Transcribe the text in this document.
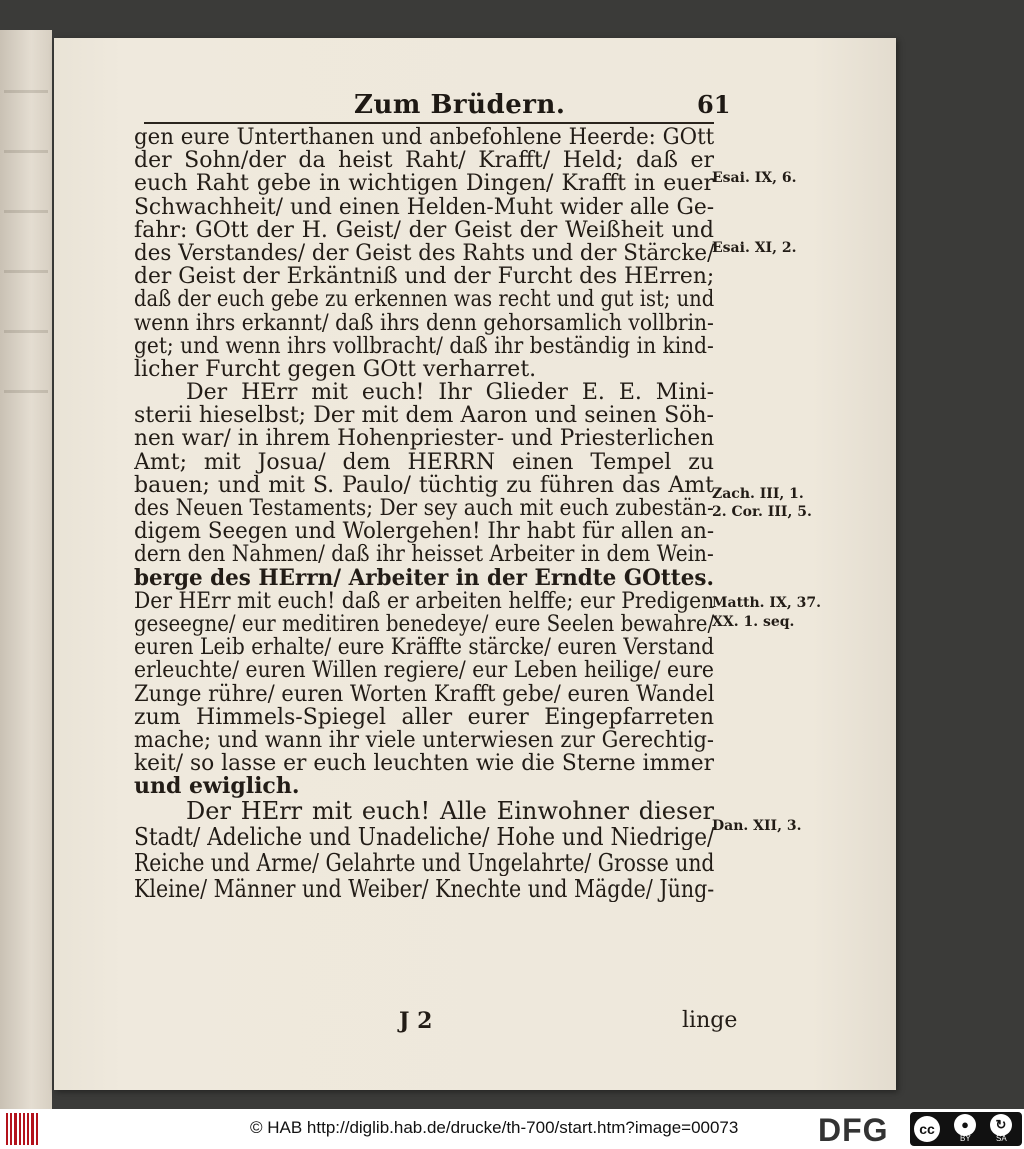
Zum Brüdern.	61
gen eure Unterthanen und anbefohlene Heerde: GOtt
der Sohn/der da heist Raht/ Krafft/ Held; daß er
euch Raht gebe in wichtigen Dingen/ Krafft in euer
Schwachheit/ und einen Helden-Muht wider alle Ge-
fahr: GOtt der H. Geist/ der Geist der Weißheit und
des Verstandes/ der Geist des Rahts und der Stärcke/
der Geist der Erkäntniß und der Furcht des HErren;
daß der euch gebe zu erkennen was recht und gut ist; und
wenn ihrs erkannt/ daß ihrs denn gehorsamlich vollbrin-
get; und wenn ihrs vollbracht/ daß ihr beständig in kind-
licher Furcht gegen GOtt verharret.
Der HErr mit euch! Ihr Glieder E. E. Mini-
sterii hieselbst; Der mit dem Aaron und seinen Söh-
nen war/ in ihrem Hohenpriester- und Priesterlichen
Amt; mit Josua/ dem HERRN einen Tempel zu
bauen; und mit S. Paulo/ tüchtig zu führen das Amt
des Neuen Testaments; Der sey auch mit euch zubestän-
digem Seegen und Wolergehen! Ihr habt für allen an-
dern den Nahmen/ daß ihr heisset Arbeiter in dem Wein-
berge des HErrn/ Arbeiter in der Erndte GOttes.
Der HErr mit euch! daß er arbeiten helffe; eur Predigen
geseegne/ eur meditiren benedeye/ eure Seelen bewahre/
euren Leib erhalte/ eure Kräffte stärcke/ euren Verstand
erleuchte/ euren Willen regiere/ eur Leben heilige/ eure
Zunge rühre/ euren Worten Krafft gebe/ euren Wandel
zum Himmels-Spiegel aller eurer Eingepfarreten
mache; und wann ihr viele unterwiesen zur Gerechtig-
keit/ so lasse er euch leuchten wie die Sterne immer
und ewiglich.
Der HErr mit euch! Alle Einwohner dieser
Stadt/ Adeliche und Unadeliche/ Hohe und Niedrige/
Reiche und Arme/ Gelahrte und Ungelahrte/ Grosse und
Kleine/ Männer und Weiber/ Knechte und Mägde/ Jüng-
Esai. IX, 6.
Esai. XI, 2.
Zach. III, 1.
2. Cor. III, 5.
Matth. IX, 37.
XX. 1. seq.
Dan. XII, 3.
J 2	linge
© HAB http://diglib.hab.de/drucke/th-700/start.htm?image=00073 DFG	cc	●	↻
BY	SA
